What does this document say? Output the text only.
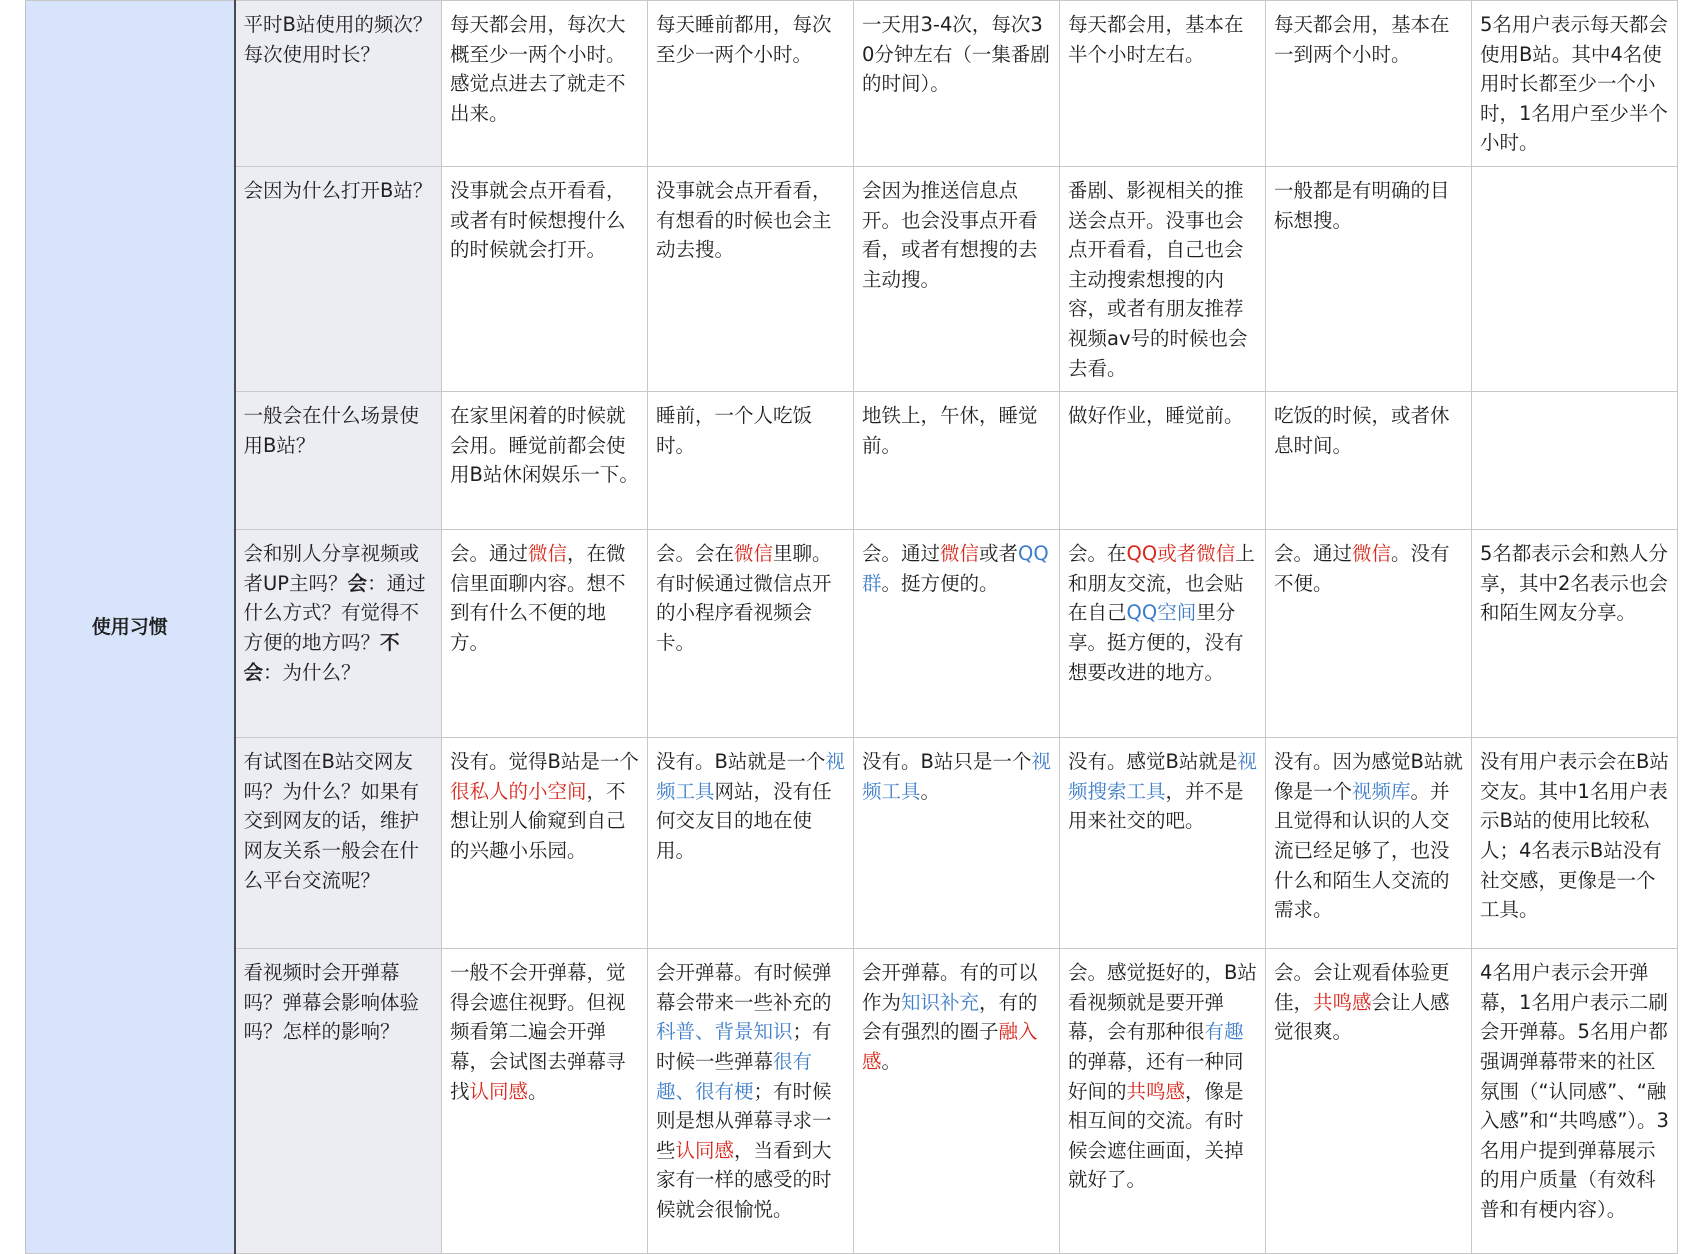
使用习惯	平时B站使用的频次？每次使用时长？	每天都会用，每次大概至少一两个小时。感觉点进去了就走不出来。	每天睡前都用，每次至少一两个小时。	一天用3-4次，每次30分钟左右（一集番剧的时间）。	每天都会用，基本在半个小时左右。	每天都会用，基本在一到两个小时。	5名用户表示每天都会使用B站。其中4名使用时长都至少一个小时，1名用户至少半个小时。
	会因为什么打开B站？	没事就会点开看看，或者有时候想搜什么的时候就会打开。	没事就会点开看看，有想看的时候也会主动去搜。	会因为推送信息点开。也会没事点开看看，或者有想搜的去主动搜。	番剧、影视相关的推送会点开。没事也会点开看看，自己也会主动搜索想搜的内容，或者有朋友推荐视频av号的时候也会去看。	一般都是有明确的目标想搜。	
	一般会在什么场景使用B站？	在家里闲着的时候就会用。睡觉前都会使用B站休闲娱乐一下。	睡前，一个人吃饭时。	地铁上，午休，睡觉前。	做好作业，睡觉前。	吃饭的时候，或者休息时间。	
	会和别人分享视频或者UP主吗？会：通过什么方式？有觉得不方便的地方吗？不会：为什么？	会。通过微信，在微信里面聊内容。想不到有什么不便的地方。	会。会在微信里聊。有时候通过微信点开的小程序看视频会卡。	会。通过微信或者QQ群。挺方便的。	会。在QQ或者微信上和朋友交流，也会贴在自己QQ空间里分享。挺方便的，没有想要改进的地方。	会。通过微信。没有不便。	5名都表示会和熟人分享，其中2名表示也会和陌生网友分享。
	有试图在B站交网友吗？为什么？如果有交到网友的话，维护网友关系一般会在什么平台交流呢？	没有。觉得B站是一个很私人的小空间，不想让别人偷窥到自己的兴趣小乐园。	没有。B站就是一个视频工具网站，没有任何交友目的地在使用。	没有。B站只是一个视频工具。	没有。感觉B站就是视频搜索工具，并不是用来社交的吧。	没有。因为感觉B站就像是一个视频库。并且觉得和认识的人交流已经足够了，也没什么和陌生人交流的需求。	没有用户表示会在B站交友。其中1名用户表示B站的使用比较私人；4名表示B站没有社交感，更像是一个工具。
	看视频时会开弹幕吗？弹幕会影响体验吗？怎样的影响？	一般不会开弹幕，觉得会遮住视野。但视频看第二遍会开弹幕，会试图去弹幕寻找认同感。	会开弹幕。有时候弹幕会带来一些补充的科普、背景知识；有时候一些弹幕很有趣、很有梗；有时候则是想从弹幕寻求一些认同感，当看到大家有一样的感受的时候就会很愉悦。	会开弹幕。有的可以作为知识补充，有的会有强烈的圈子融入感。	会。感觉挺好的，B站看视频就是要开弹幕，会有那种很有趣的弹幕，还有一种同好间的共鸣感，像是相互间的交流。有时候会遮住画面，关掉就好了。	会。会让观看体验更佳，共鸣感会让人感觉很爽。	4名用户表示会开弹幕，1名用户表示二刷会开弹幕。5名用户都强调弹幕带来的社区氛围（“认同感”、“融入感”和“共鸣感”）。3名用户提到弹幕展示的用户质量（有效科普和有梗内容）。
